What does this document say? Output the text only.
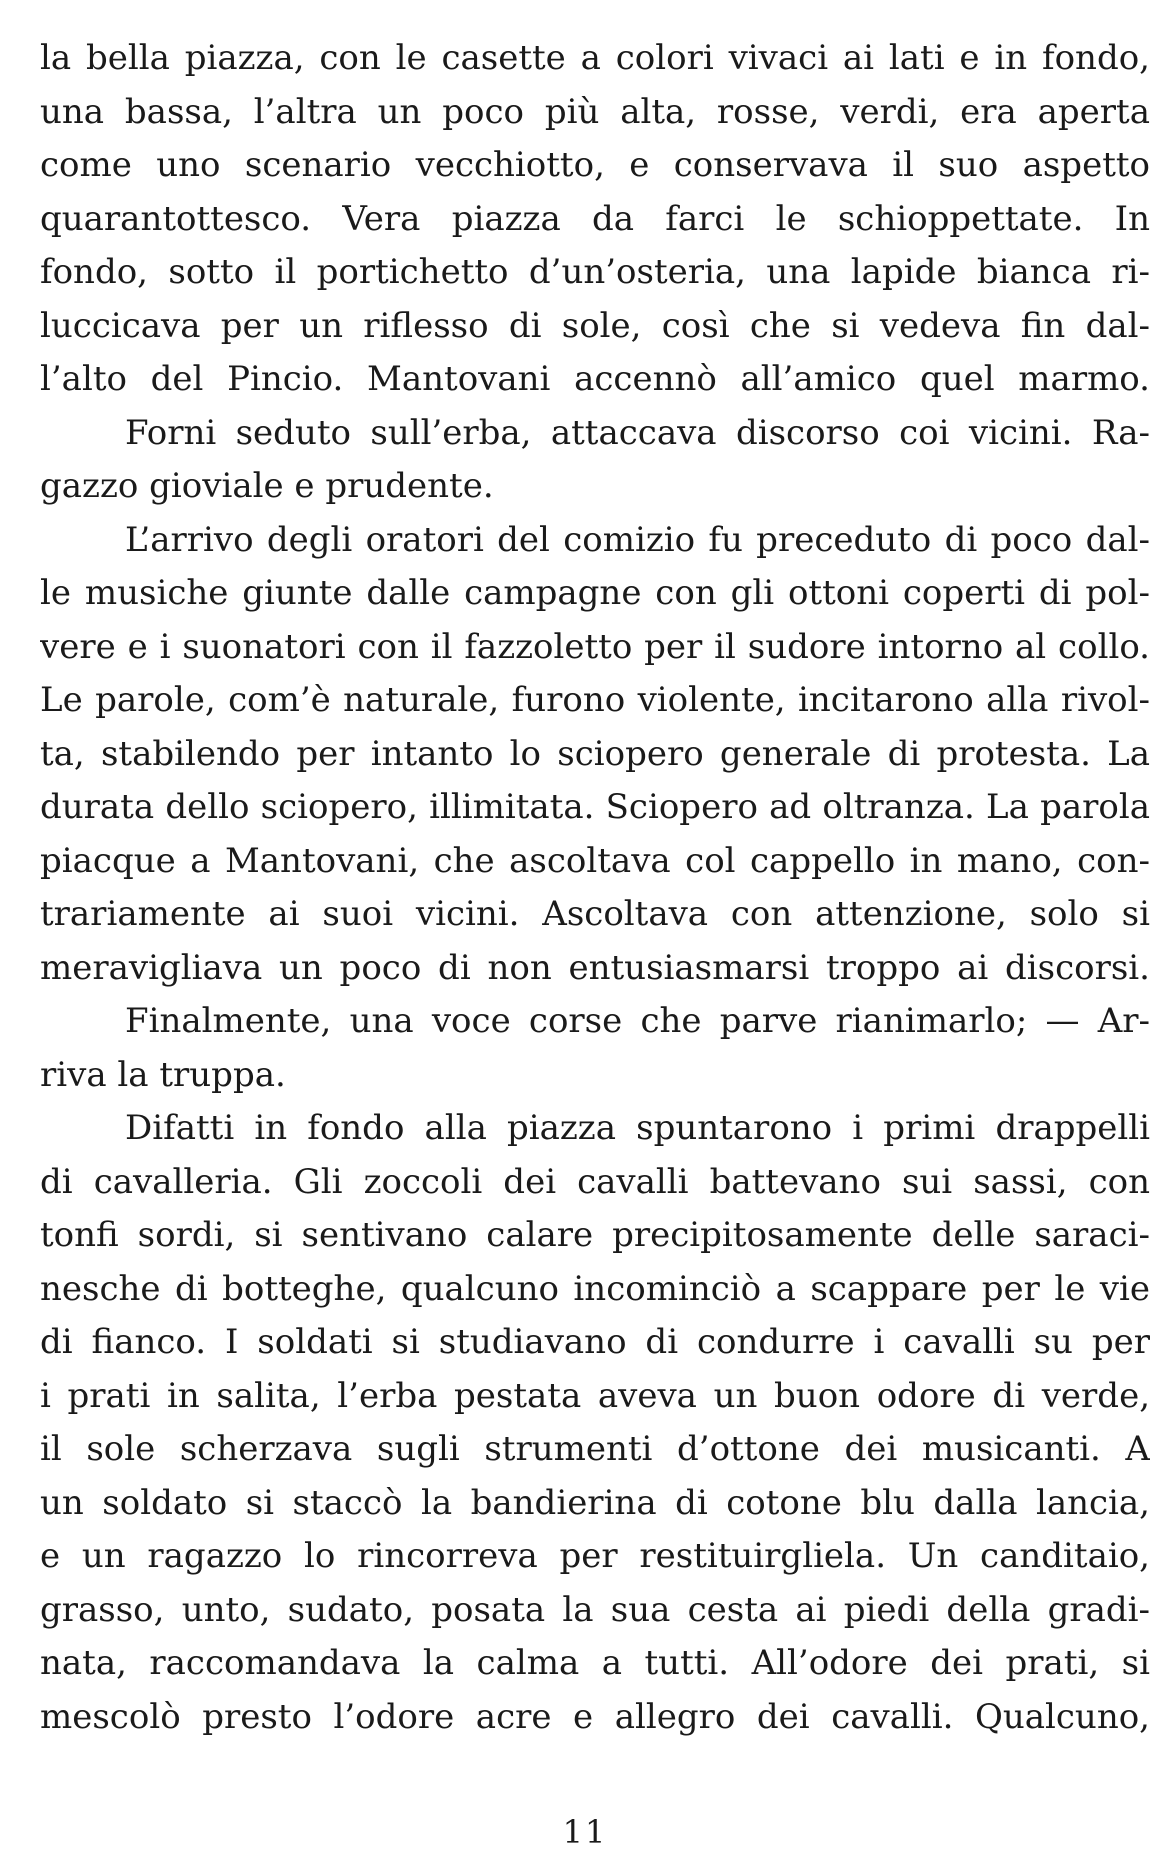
la bella piazza, con le casette a colori vivaci ai lati e in fondo,
una bassa, l’altra un poco più alta, rosse, verdi, era aperta
come uno scenario vecchiotto, e conservava il suo aspetto
quarantottesco. Vera piazza da farci le schioppettate. In
fondo, sotto il portichetto d’un’osteria, una lapide bianca ri-
luccicava per un riflesso di sole, così che si vedeva fin dal-
l’alto del Pincio. Mantovani accennò all’amico quel marmo.
Forni seduto sull’erba, attaccava discorso coi vicini. Ra-
gazzo gioviale e prudente.
L’arrivo degli oratori del comizio fu preceduto di poco dal-
le musiche giunte dalle campagne con gli ottoni coperti di pol-
vere e i suonatori con il fazzoletto per il sudore intorno al collo.
Le parole, com’è naturale, furono violente, incitarono alla rivol-
ta, stabilendo per intanto lo sciopero generale di protesta. La
durata dello sciopero, illimitata. Sciopero ad oltranza. La parola
piacque a Mantovani, che ascoltava col cappello in mano, con-
trariamente ai suoi vicini. Ascoltava con attenzione, solo si
meravigliava un poco di non entusiasmarsi troppo ai discorsi.
Finalmente, una voce corse che parve rianimarlo; — Ar-
riva la truppa.
Difatti in fondo alla piazza spuntarono i primi drappelli
di cavalleria. Gli zoccoli dei cavalli battevano sui sassi, con
tonfi sordi, si sentivano calare precipitosamente delle saraci-
nesche di botteghe, qualcuno incominciò a scappare per le vie
di fianco. I soldati si studiavano di condurre i cavalli su per
i prati in salita, l’erba pestata aveva un buon odore di verde,
il sole scherzava sugli strumenti d’ottone dei musicanti. A
un soldato si staccò la bandierina di cotone blu dalla lancia,
e un ragazzo lo rincorreva per restituirgliela. Un canditaio,
grasso, unto, sudato, posata la sua cesta ai piedi della gradi-
nata, raccomandava la calma a tutti. All’odore dei prati, si
mescolò presto l’odore acre e allegro dei cavalli. Qualcuno,
11
